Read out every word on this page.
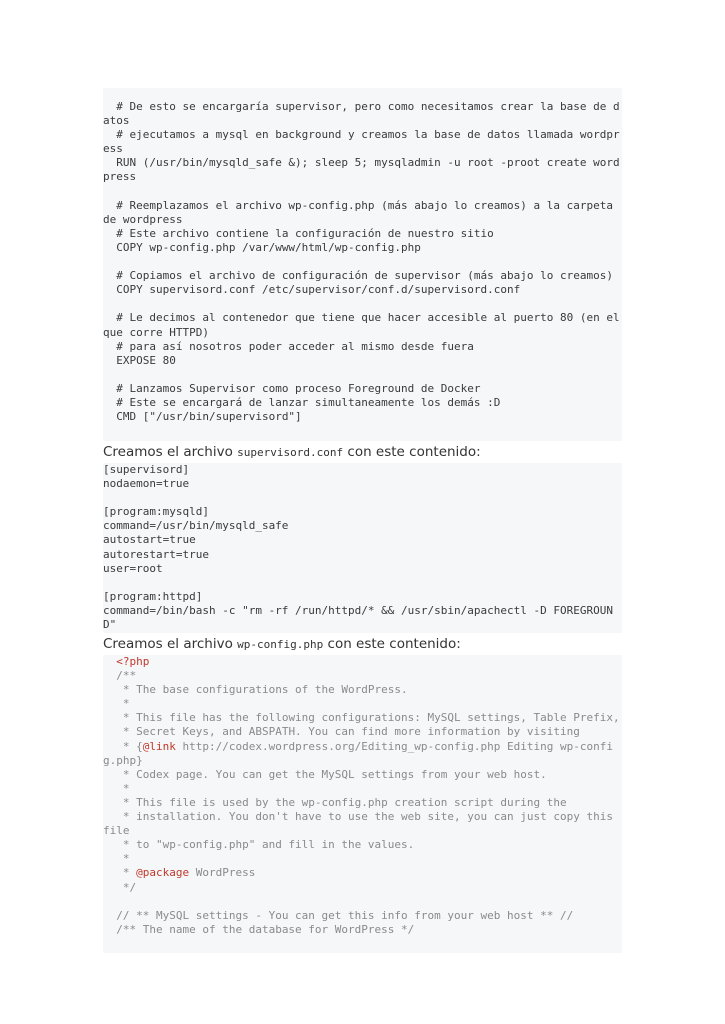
# De esto se encargaría supervisor, pero como necesitamos crear la base de datos
# ejecutamos a mysql en background y creamos la base de datos llamada wordpress
RUN (/usr/bin/mysqld_safe &); sleep 5; mysqladmin -u root -proot create wordpress
# Reemplazamos el archivo wp-config.php (más abajo lo creamos) a la carpeta de wordpress
# Este archivo contiene la configuración de nuestro sitio
COPY wp-config.php /var/www/html/wp-config.php
# Copiamos el archivo de configuración de supervisor (más abajo lo creamos)
COPY supervisord.conf /etc/supervisor/conf.d/supervisord.conf
# Le decimos al contenedor que tiene que hacer accesible al puerto 80 (en el que corre HTTPD)
# para así nosotros poder acceder al mismo desde fuera
EXPOSE 80
# Lanzamos Supervisor como proceso Foreground de Docker
# Este se encargará de lanzar simultaneamente los demás :D
CMD ["/usr/bin/supervisord"]

Creamos el archivo supervisord.conf con este contenido:

[supervisord]
nodaemon=true
[program:mysqld]
command=/usr/bin/mysqld_safe
autostart=true
autorestart=true
user=root
[program:httpd]
command=/bin/bash -c "rm -rf /run/httpd/* && /usr/sbin/apachectl -D FOREGROUND"

Creamos el archivo wp-config.php con este contenido:

<?php
/**
* The base configurations of the WordPress.
*
* This file has the following configurations: MySQL settings, Table Prefix,
* Secret Keys, and ABSPATH. You can find more information by visiting
* {@link http://codex.wordpress.org/Editing_wp-config.php Editing wp-config.php}
* Codex page. You can get the MySQL settings from your web host.
*
* This file is used by the wp-config.php creation script during the
* installation. You don't have to use the web site, you can just copy this file
* to "wp-config.php" and fill in the values.
*
* @package WordPress
*/
// ** MySQL settings - You can get this info from your web host ** //
/** The name of the database for WordPress */
